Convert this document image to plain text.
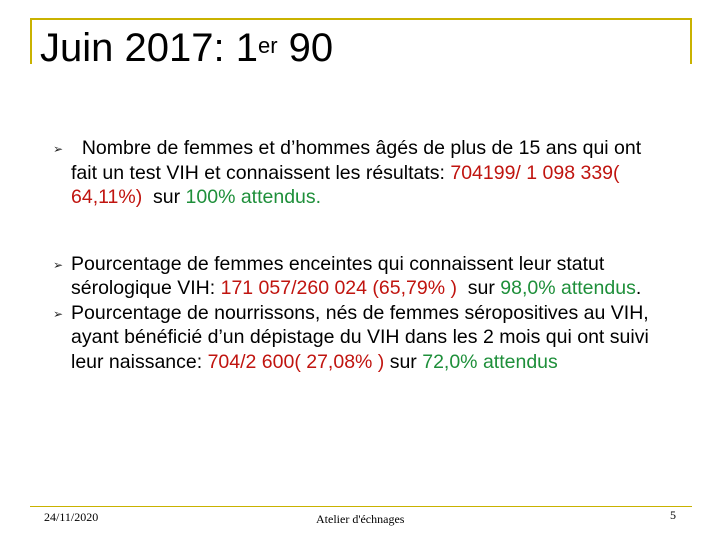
Juin 2017: 1er 90
➢ Nombre de femmes et d’hommes âgés de plus de 15 ans qui ont fait un test VIH et connaissent les résultats: 704199/ 1 098 339( 64,11%)  sur 100% attendus.
➢ Pourcentage de femmes enceintes qui connaissent leur statut sérologique VIH: 171 057/260 024 (65,79% )  sur 98,0% attendus.
➢ Pourcentage de nourrissons, nés de femmes séropositives au VIH, ayant bénéficié d’un dépistage du VIH dans les 2 mois qui ont suivi leur naissance: 704/2 600( 27,08% ) sur 72,0% attendus
24/11/2020	Atelier d'échnages	5
